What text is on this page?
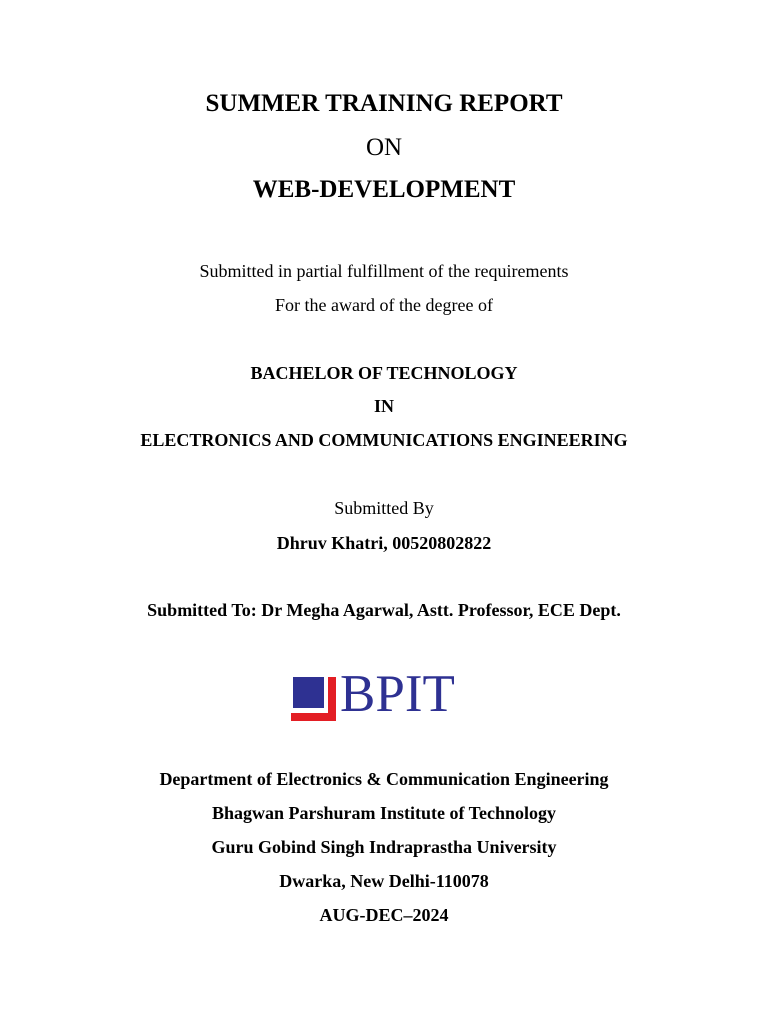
SUMMER TRAINING REPORT
ON
WEB-DEVELOPMENT
Submitted in partial fulfillment of the requirements
For the award of the degree of
BACHELOR OF TECHNOLOGY
IN
ELECTRONICS AND COMMUNICATIONS ENGINEERING
Submitted By
Dhruv Khatri, 00520802822
Submitted To: Dr Megha Agarwal, Astt. Professor, ECE Dept.
BPIT
Department of Electronics & Communication Engineering
Bhagwan Parshuram Institute of Technology
Guru Gobind Singh Indraprastha University
Dwarka, New Delhi-110078
AUG-DEC–2024
